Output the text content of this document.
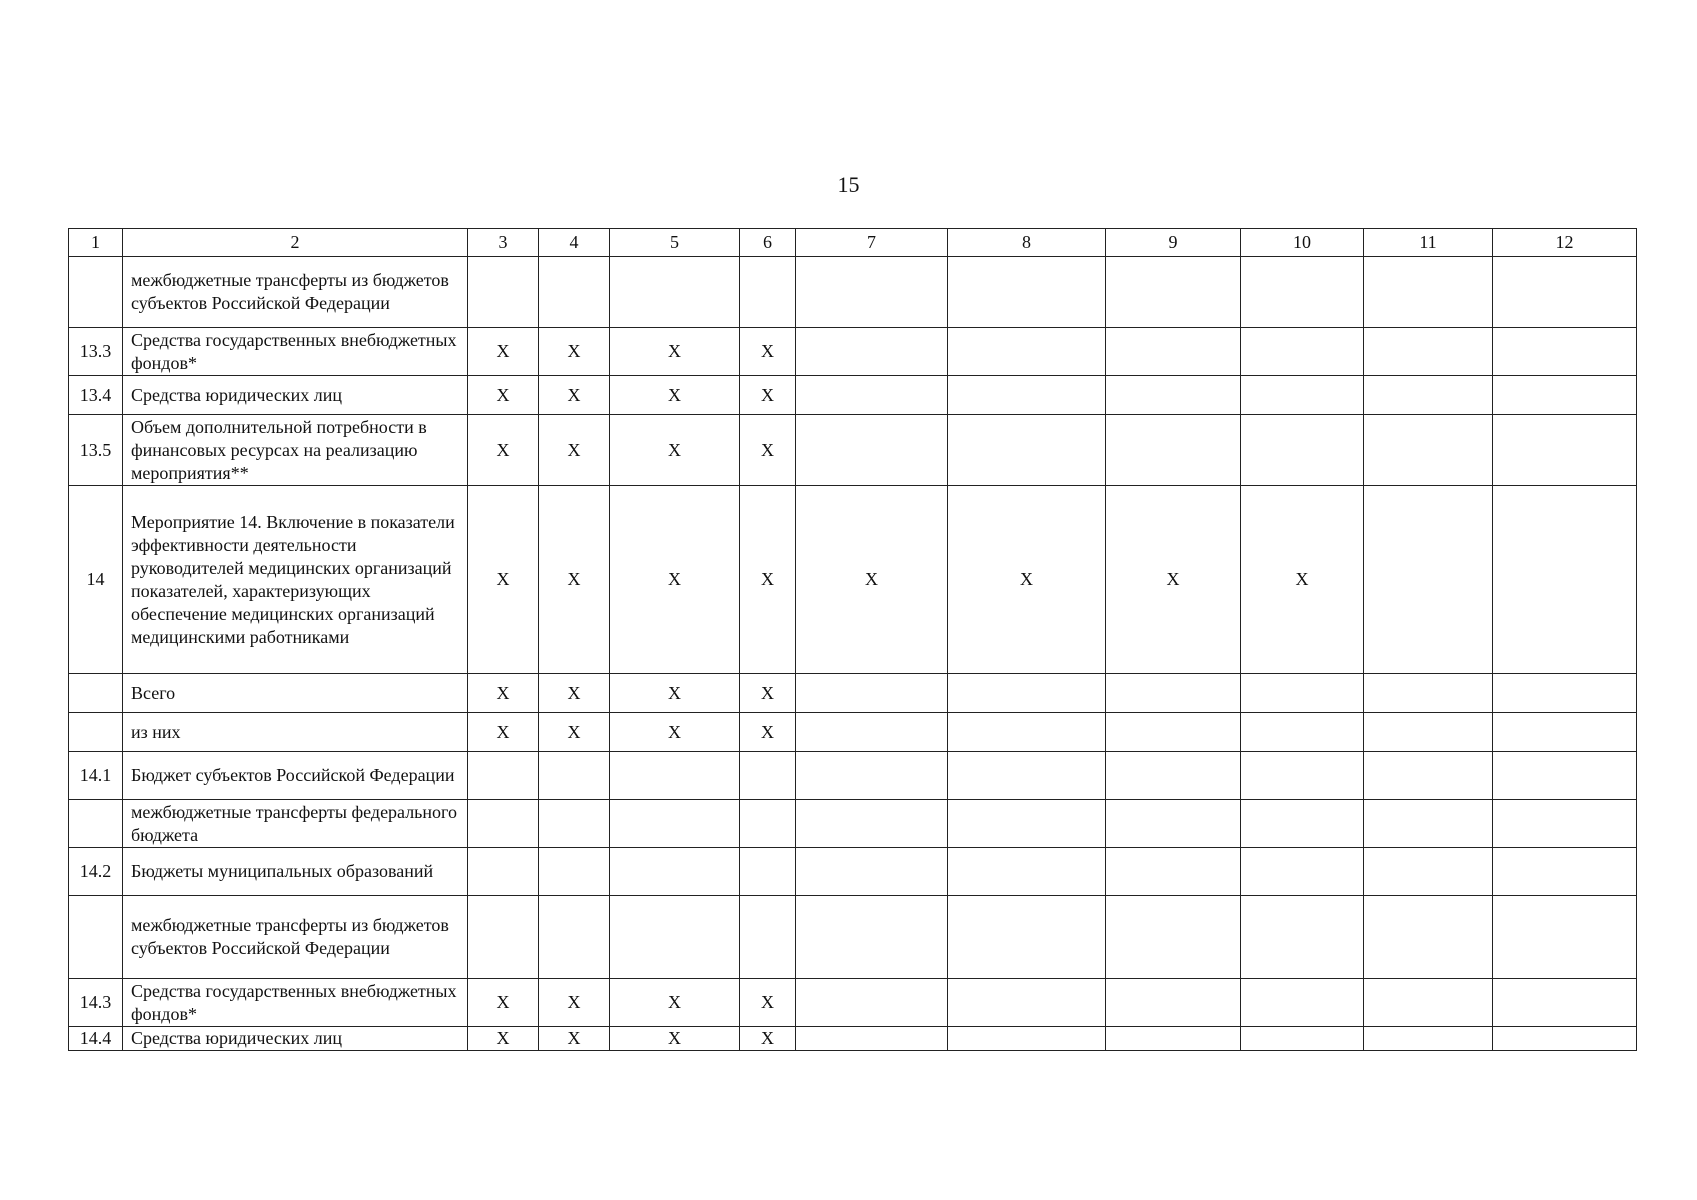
15
1	2	3	4	5	6	7	8	9	10	11	12
	межбюджетные трансферты из бюджетов субъектов Российской Федерации										
13.3	Средства государственных внебюджетных фондов*	X	X	X	X						
13.4	Средства юридических лиц	X	X	X	X						
13.5	Объем дополнительной потребности в финансовых ресурсах на реализацию мероприятия**	X	X	X	X						
14	Мероприятие 14. Включение в показатели эффективности деятельности руководителей медицинских организаций показателей, характеризующих обеспечение медицинских организаций медицинскими работниками	X	X	X	X	X	X	X	X		
	Всего	X	X	X	X						
	из них	X	X	X	X						
14.1	Бюджет субъектов Российской Федерации										
	межбюджетные трансферты федерального бюджета										
14.2	Бюджеты муниципальных образований										
	межбюджетные трансферты из бюджетов субъектов Российской Федерации										
14.3	Средства государственных внебюджетных фондов*	X	X	X	X						
14.4	Средства юридических лиц	X	X	X	X						
